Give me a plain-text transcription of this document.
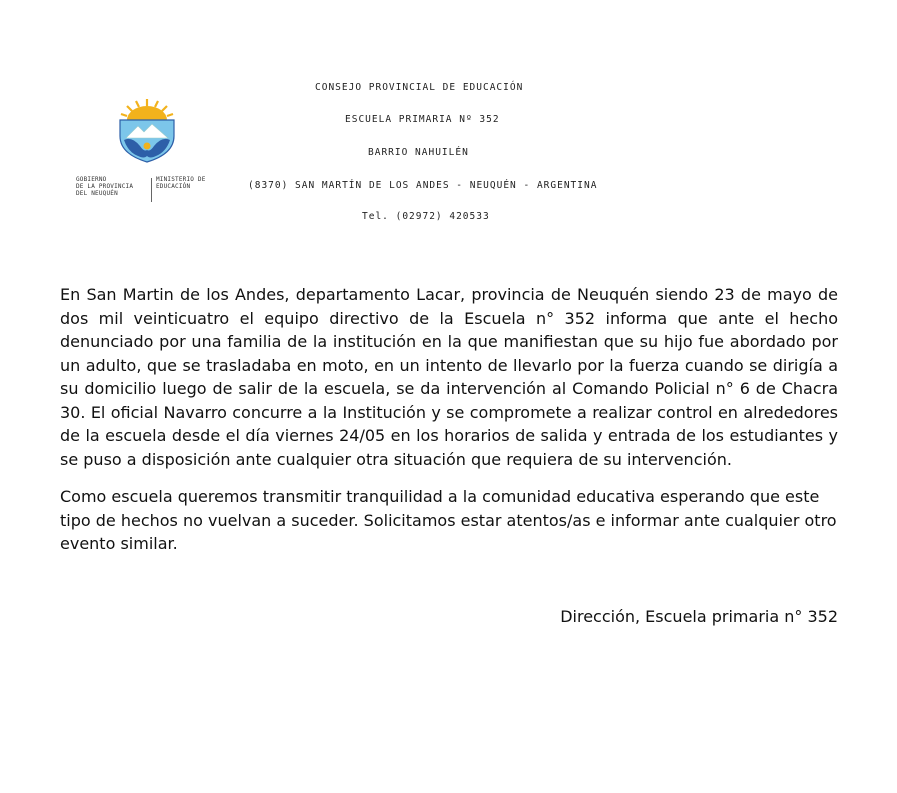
GOBIERNO
DE LA PROVINCIA
DEL NEUQUÉN
MINISTERIO DE
EDUCACIÓN
CONSEJO PROVINCIAL DE EDUCACIÓN
ESCUELA PRIMARIA Nº 352
BARRIO NAHUILÉN
(8370) SAN MARTÍN DE LOS ANDES - NEUQUÉN - ARGENTINA
Tel. (02972) 420533

En San Martin de los Andes, departamento Lacar, provincia de Neuquén siendo 23 de mayo de dos mil veinticuatro el equipo directivo de la Escuela n° 352 informa que ante el hecho denunciado por una familia de la institución en la que manifiestan que su hijo fue abordado por un adulto, que se trasladaba en moto, en un intento de llevarlo por la fuerza cuando se dirigía a su domicilio luego de salir de la escuela, se da intervención al Comando Policial n° 6 de Chacra 30. El oficial Navarro concurre a la Institución y se compromete a realizar control en alrededores de la escuela desde el día viernes 24/05 en los horarios de salida y entrada de los estudiantes y se puso a disposición ante cualquier otra situación que requiera de su intervención.

Como escuela queremos transmitir tranquilidad a la comunidad educativa esperando que este tipo de hechos no vuelvan a suceder. Solicitamos estar atentos/as e informar ante cualquier otro evento similar.

Dirección, Escuela primaria n° 352
